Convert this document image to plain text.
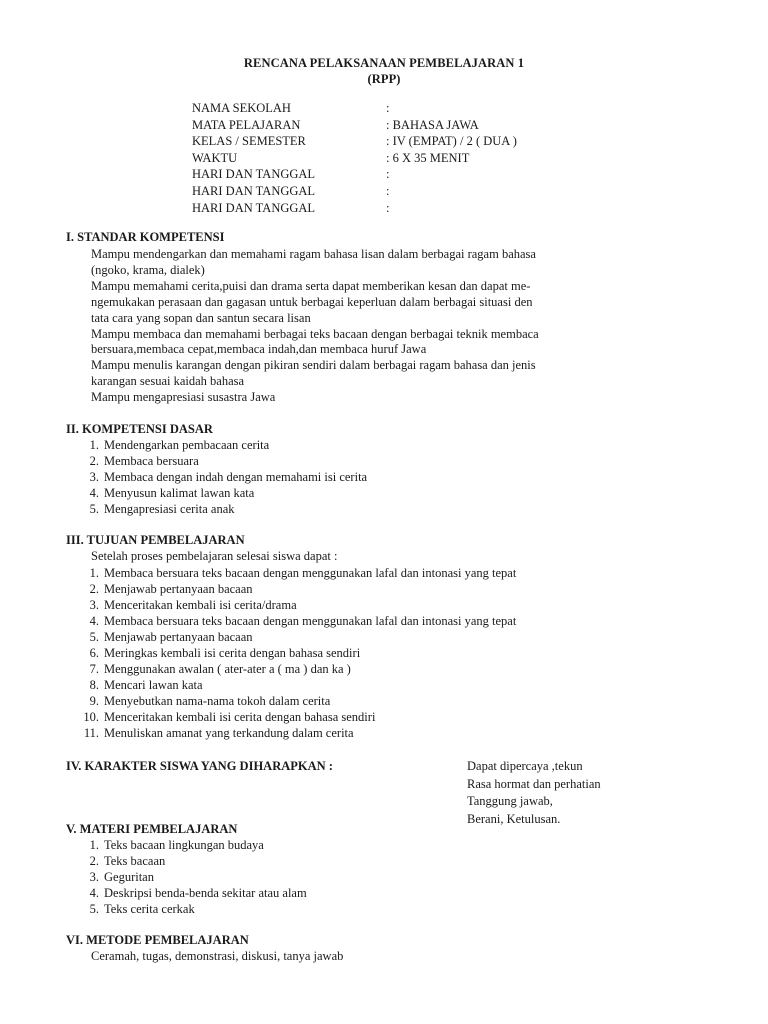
RENCANA PELAKSANAAN PEMBELAJARAN 1
(RPP)
NAMA SEKOLAH	:
MATA PELAJARAN	: BAHASA JAWA
KELAS / SEMESTER	: IV (EMPAT) / 2 ( DUA )
WAKTU	: 6 X 35 MENIT
HARI DAN TANGGAL	:
HARI DAN TANGGAL	:
HARI DAN TANGGAL	:
I. STANDAR KOMPETENSI
Mampu mendengarkan dan memahami ragam bahasa lisan dalam berbagai ragam bahasa
(ngoko, krama, dialek)
Mampu memahami cerita,puisi dan drama serta dapat memberikan kesan dan dapat me-
ngemukakan perasaan dan gagasan untuk berbagai keperluan dalam berbagai situasi den
tata cara yang sopan dan santun secara lisan
Mampu membaca dan memahami berbagai teks bacaan dengan berbagai teknik membaca
bersuara,membaca cepat,membaca indah,dan membaca huruf Jawa
Mampu menulis karangan dengan pikiran sendiri dalam berbagai ragam bahasa dan jenis
karangan sesuai kaidah bahasa
Mampu mengapresiasi susastra Jawa
II. KOMPETENSI DASAR
1. Mendengarkan pembacaan cerita
2. Membaca bersuara
3. Membaca dengan indah dengan memahami isi cerita
4. Menyusun kalimat lawan kata
5. Mengapresiasi cerita anak
III. TUJUAN PEMBELAJARAN
Setelah proses pembelajaran selesai siswa dapat :
1. Membaca bersuara teks bacaan dengan menggunakan lafal dan intonasi yang tepat
2. Menjawab pertanyaan bacaan
3. Menceritakan kembali isi cerita/drama
4. Membaca bersuara teks bacaan dengan menggunakan lafal dan intonasi yang tepat
5. Menjawab pertanyaan bacaan
6. Meringkas kembali isi cerita dengan bahasa sendiri
7. Menggunakan awalan ( ater-ater a ( ma ) dan ka )
8. Mencari lawan kata
9. Menyebutkan nama-nama tokoh dalam cerita
10. Menceritakan kembali isi cerita dengan bahasa sendiri
11. Menuliskan amanat yang terkandung dalam cerita
IV. KARAKTER SISWA YANG DIHARAPKAN :	Dapat dipercaya ,tekun
Rasa hormat dan perhatian
Tanggung jawab,
Berani, Ketulusan.
V. MATERI PEMBELAJARAN
1. Teks bacaan lingkungan budaya
2. Teks bacaan
3. Geguritan
4. Deskripsi benda-benda sekitar atau alam
5. Teks cerita cerkak
VI. METODE PEMBELAJARAN
Ceramah, tugas, demonstrasi, diskusi, tanya jawab
